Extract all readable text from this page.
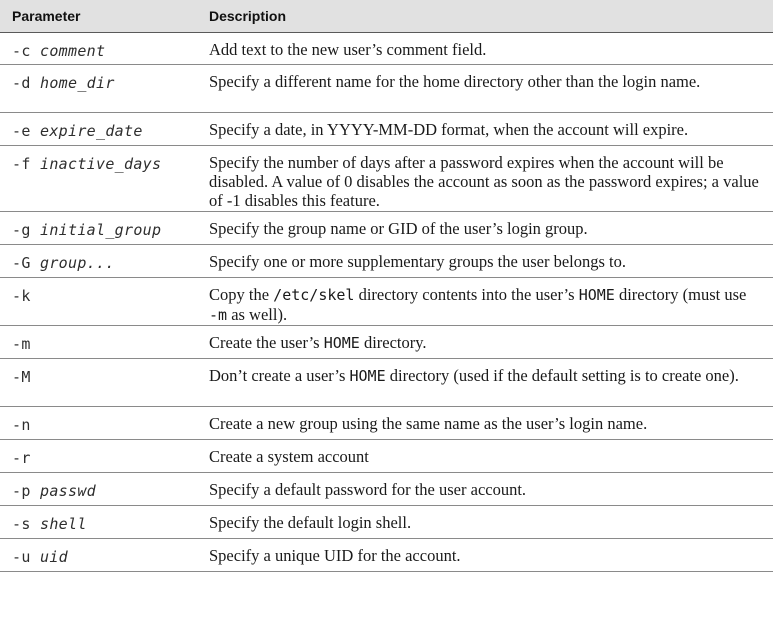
Parameter	Description
-c comment	Add text to the new user’s comment field.
-d home_dir	Specify a different name for the home directory other than the login name.
-e expire_date	Specify a date, in YYYY-MM-DD format, when the account will expire.
-f inactive_days	Specify the number of days after a password expires when the account will be disabled. A value of 0 disables the account as soon as the password expires; a value of -1 disables this feature.
-g initial_group	Specify the group name or GID of the user’s login group.
-G group...	Specify one or more supplementary groups the user belongs to.
-k	Copy the /etc/skel directory contents into the user’s HOME directory (must use -m as well).
-m	Create the user’s HOME directory.
-M	Don’t create a user’s HOME directory (used if the default setting is to create one).
-n	Create a new group using the same name as the user’s login name.
-r	Create a system account
-p passwd	Specify a default password for the user account.
-s shell	Specify the default login shell.
-u uid	Specify a unique UID for the account.
